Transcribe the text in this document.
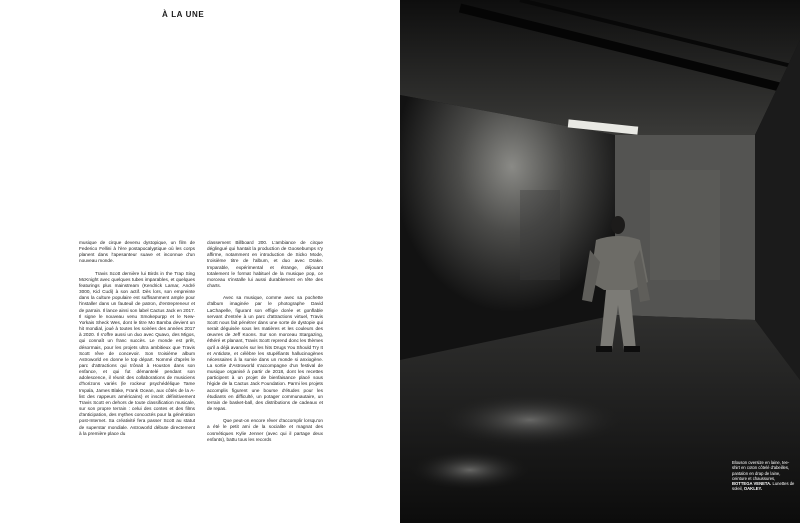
À LA UNE

musique de cirque devenu dystopique, un film de Federico Fellini à l'ère postapocalyptique où les corps planent dans l'apesanteur suave et inconnue d'un nouveau monde.

Travis Scott dernière lui Birds in the Trap Sing McKnight avec quelques tubes imparables, et quelques featurings plus mainstream (Kendrick Lamar, André 3000, Kid Cudi) à son actif. Dès lors, son empreinte dans la culture populaire est suffisamment ample pour l'installer dans un fauteuil de patron, d'entrepreneur et de parrain. Il lance ainsi son label Cactus Jack en 2017. Il signe le nouveau venu Smokepurpp et le New-Yorkais Sheck Wes, dont le titre Mo Bamba devient un hit mondial, joué à toutes les soirées des années 2017 à 2020. Il s'offre aussi un duo avec Quavo, des Migos, qui connaît un franc succès. Le monde est prêt, désormais, pour les projets ultra ambitieux que Travis Scott rêve de concevoir. Son troisième album Astroworld en donne le top départ. Nommé d'après le parc d'attractions qui trônait à Houston dans son enfance, et qui fut démantelé pendant son adolescence, il réunit des collaborations de musiciens d'horizons variés (le rockeur psychédélique Tame Impala, James Blake, Frank Ocean, aux côtés de la A-list des rappeurs américains) et inscrit définitivement Travis Scott en dehors de toute classification musicale, sur son propre terrain : celui des contes et des films d'anticipation, des mythes concoctés pour la génération post-Internet. Sa créativité fera passer Scott au statut de superstar mondiale. Astroworld débute directement à la première place du

classement Billboard 200. L'ambiance de cirque déglingué qui hantait la production de Goosebumps s'y affirme, notamment en introduction de Sicko Mode, troisième titre de l'album, et duo avec Drake. Imparable, expérimental et étrange, déjouant totalement le format habituel de la musique pop, ce morceau s'installe lui aussi durablement en tête des charts.

Avec sa musique, comme avec sa pochette d'album imaginée par le photographe David LaChapelle, figurant son effigie dorée et gonflable servant d'entrée à un parc d'attractions virtuel, Travis Scott nous fait pénétrer dans une sorte de dystopie qui serait déguisée sous les matières et les couleurs des œuvres de Jeff Koons. Sur son morceau Stargazing, éthéré et planant, Travis Scott reprend donc les thèmes qu'il a déjà avancés sur les hits Drugs You Should Try It et Antidote, et célèbre les stupéfiants hallucinogènes nécessaires à la survie dans un monde si anxiogène. La sortie d'Astroworld s'accompagne d'un festival de musique organisé à partir de 2018, dont les recettes participent à un projet de bienfaisance placé sous l'égide de la Cactus Jack Foundation. Parmi les projets accomplis figurent une bourse d'études pour les étudiants en difficulté, un potager communautaire, un terrain de basket-ball, des distributions de cadeaux et de repas.

Que peut-on encore rêver d'accomplir lorsqu'on a été le petit ami de la socialite et magnat des cosmétiques Kylie Jenner (avec qui il partage deux enfants), battu tous les records

Blouson oversize en laine, tee-shirt en coton côtelé d'abeilles, pantalon en drap de laine, ceinture et chaussures, BOTTEGA VENETA. Lunettes de soleil, OAKLEY.
